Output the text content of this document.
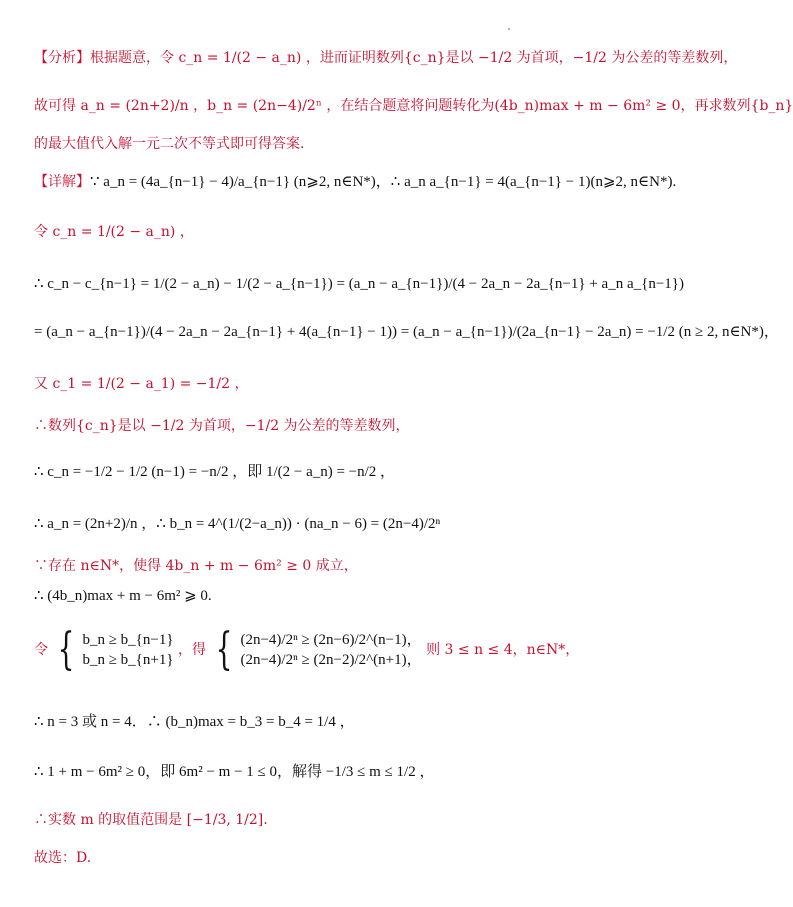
【分析】根据题意，令 c_n = 1/(2 − a_n) ，进而证明数列{c_n}是以 −1/2 为首项，−1/2 为公差的等差数列，
故可得 a_n = (2n+2)/n ，b_n = (2n−4)/2ⁿ ，在结合题意将问题转化为(4b_n)max + m − 6m² ≥ 0，再求数列{b_n}
的最大值代入解一元二次不等式即可得答案.
【详解】∵ a_n = (4a_{n−1} − 4)/a_{n−1} (n⩾2, n∈N*)，∴ a_n a_{n−1} = 4(a_{n−1} − 1)(n⩾2, n∈N*).
令 c_n = 1/(2 − a_n) ，
∴ c_n − c_{n−1} = 1/(2 − a_n) − 1/(2 − a_{n−1}) = (a_n − a_{n−1})/(4 − 2a_n − 2a_{n−1} + a_n a_{n−1})
= (a_n − a_{n−1})/(4 − 2a_n − 2a_{n−1} + 4(a_{n−1} − 1)) = (a_n − a_{n−1})/(2a_{n−1} − 2a_n) = −1/2 (n ≥ 2, n∈N*)，
又 c_1 = 1/(2 − a_1) = −1/2 ，
∴数列{c_n}是以 −1/2 为首项，−1/2 为公差的等差数列，
∴ c_n = −1/2 − 1/2 (n−1) = −n/2 ，即 1/(2 − a_n) = −n/2 ，
∴ a_n = (2n+2)/n ，∴ b_n = 4^(1/(2−a_n)) · (na_n − 6) = (2n−4)/2ⁿ
∵存在 n∈N*，使得 4b_n + m − 6m² ≥ 0 成立，
∴ (4b_n)max + m − 6m² ⩾ 0.
令 { b_n ≥ b_{n−1}
b_n ≥ b_{n+1}
，得 { (2n−4)/2ⁿ ≥ (2n−6)/2^(n−1)，
(2n−4)/2ⁿ ≥ (2n−2)/2^(n+1)，
则 3 ≤ n ≤ 4，n∈N*，
∴ n = 3 或 n = 4．∴ (b_n)max = b_3 = b_4 = 1/4 ，
∴ 1 + m − 6m² ≥ 0，即 6m² − m − 1 ≤ 0，解得 −1/3 ≤ m ≤ 1/2 ，
∴实数 m 的取值范围是 [−1/3, 1/2].
故选：D.
